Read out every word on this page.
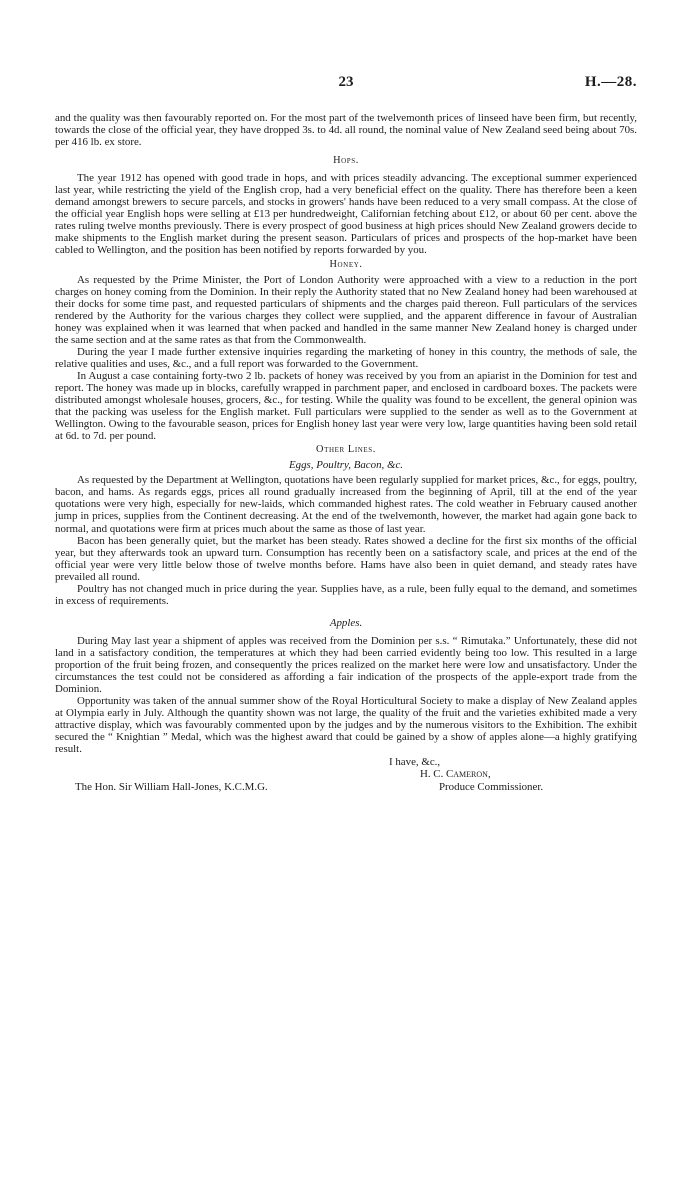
23	H.—28.

and the quality was then favourably reported on. For the most part of the twelvemonth prices of linseed have been firm, but recently, towards the close of the official year, they have dropped 3s. to 4d. all round, the nominal value of New Zealand seed being about 70s. per 416 lb. ex store.

Hops.

The year 1912 has opened with good trade in hops, and with prices steadily advancing. The exceptional summer experienced last year, while restricting the yield of the English crop, had a very beneficial effect on the quality. There has therefore been a keen demand amongst brewers to secure parcels, and stocks in growers' hands have been reduced to a very small compass. At the close of the official year English hops were selling at £13 per hundredweight, Californian fetching about £12, or about 60 per cent. above the rates ruling twelve months previously. There is every prospect of good business at high prices should New Zealand growers decide to make shipments to the English market during the present season. Particulars of prices and prospects of the hop-market have been cabled to Wellington, and the position has been notified by reports forwarded by you.

Honey.

As requested by the Prime Minister, the Port of London Authority were approached with a view to a reduction in the port charges on honey coming from the Dominion. In their reply the Authority stated that no New Zealand honey had been warehoused at their docks for some time past, and requested particulars of shipments and the charges paid thereon. Full particulars of the services rendered by the Authority for the various charges they collect were supplied, and the apparent difference in favour of Australian honey was explained when it was learned that when packed and handled in the same manner New Zealand honey is charged under the same section and at the same rates as that from the Commonwealth.

During the year I made further extensive inquiries regarding the marketing of honey in this country, the methods of sale, the relative qualities and uses, &c., and a full report was forwarded to the Government.

In August a case containing forty-two 2 lb. packets of honey was received by you from an apiarist in the Dominion for test and report. The honey was made up in blocks, carefully wrapped in parchment paper, and enclosed in cardboard boxes. The packets were distributed amongst wholesale houses, grocers, &c., for testing. While the quality was found to be excellent, the general opinion was that the packing was useless for the English market. Full particulars were supplied to the sender as well as to the Government at Wellington. Owing to the favourable season, prices for English honey last year were very low, large quantities having been sold retail at 6d. to 7d. per pound.

Other Lines.
Eggs, Poultry, Bacon, &c.

As requested by the Department at Wellington, quotations have been regularly supplied for market prices, &c., for eggs, poultry, bacon, and hams. As regards eggs, prices all round gradually increased from the beginning of April, till at the end of the year quotations were very high, especially for new-laids, which commanded highest rates. The cold weather in February caused another jump in prices, supplies from the Continent decreasing. At the end of the twelvemonth, however, the market had again gone back to normal, and quotations were firm at prices much about the same as those of last year.

Bacon has been generally quiet, but the market has been steady. Rates showed a decline for the first six months of the official year, but they afterwards took an upward turn. Consumption has recently been on a satisfactory scale, and prices at the end of the official year were very little below those of twelve months before. Hams have also been in quiet demand, and steady rates have prevailed all round.

Poultry has not changed much in price during the year. Supplies have, as a rule, been fully equal to the demand, and sometimes in excess of requirements.

Apples.

During May last year a shipment of apples was received from the Dominion per s.s. “ Rimutaka.” Unfortunately, these did not land in a satisfactory condition, the temperatures at which they had been carried evidently being too low. This resulted in a large proportion of the fruit being frozen, and consequently the prices realized on the market here were low and unsatisfactory. Under the circumstances the test could not be considered as affording a fair indication of the prospects of the apple-export trade from the Dominion.

Opportunity was taken of the annual summer show of the Royal Horticultural Society to make a display of New Zealand apples at Olympia early in July. Although the quantity shown was not large, the quality of the fruit and the varieties exhibited made a very attractive display, which was favourably commented upon by the judges and by the numerous visitors to the Exhibition. The exhibit secured the “ Knightian ” Medal, which was the highest award that could be gained by a show of apples alone—a highly gratifying result.

I have, &c.,
H. C. Cameron,
Produce Commissioner.
The Hon. Sir William Hall-Jones, K.C.M.G.
